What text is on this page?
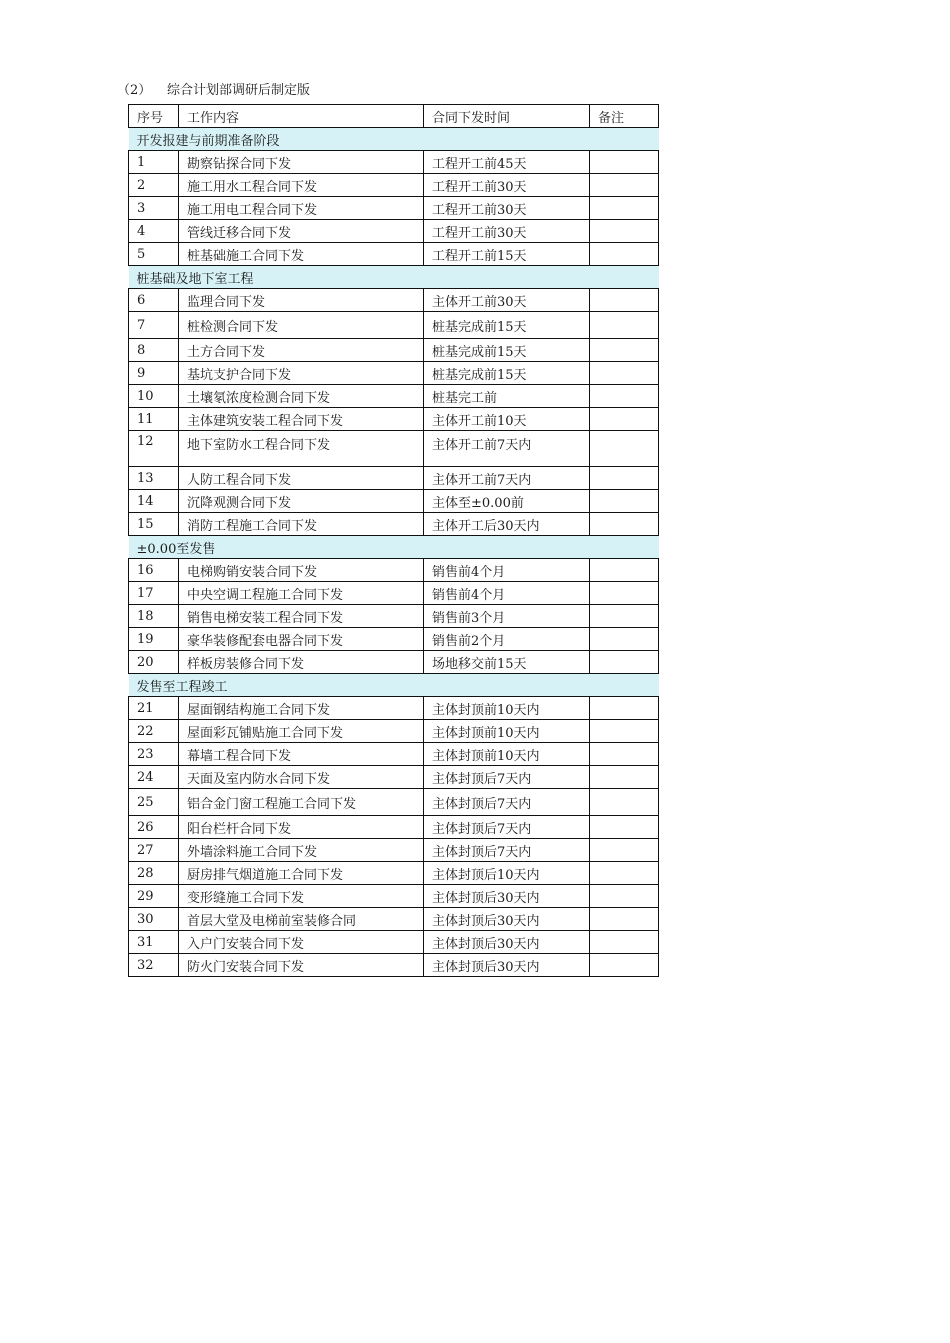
（2） 综合计划部调研后制定版
序号	工作内容	合同下发时间	备注
开发报建与前期准备阶段			
1	勘察钻探合同下发	工程开工前45天	
2	施工用水工程合同下发	工程开工前30天	
3	施工用电工程合同下发	工程开工前30天	
4	管线迁移合同下发	工程开工前30天	
5	桩基础施工合同下发	工程开工前15天	
桩基础及地下室工程			
6	监理合同下发	主体开工前30天	
7	桩检测合同下发	桩基完成前15天	
8	土方合同下发	桩基完成前15天	
9	基坑支护合同下发	桩基完成前15天	
10	土壤氡浓度检测合同下发	桩基完工前	
11	主体建筑安装工程合同下发	主体开工前10天	
12	地下室防水工程合同下发	主体开工前7天内	
13	人防工程合同下发	主体开工前7天内	
14	沉降观测合同下发	主体至±0.00前	
15	消防工程施工合同下发	主体开工后30天内	
±0.00至发售			
16	电梯购销安装合同下发	销售前4个月	
17	中央空调工程施工合同下发	销售前4个月	
18	销售电梯安装工程合同下发	销售前3个月	
19	豪华装修配套电器合同下发	销售前2个月	
20	样板房装修合同下发	场地移交前15天	
发售至工程竣工			
21	屋面钢结构施工合同下发	主体封顶前10天内	
22	屋面彩瓦铺贴施工合同下发	主体封顶前10天内	
23	幕墙工程合同下发	主体封顶前10天内	
24	天面及室内防水合同下发	主体封顶后7天内	
25	铝合金门窗工程施工合同下发	主体封顶后7天内	
26	阳台栏杆合同下发	主体封顶后7天内	
27	外墙涂料施工合同下发	主体封顶后7天内	
28	厨房排气烟道施工合同下发	主体封顶后10天内	
29	变形缝施工合同下发	主体封顶后30天内	
30	首层大堂及电梯前室装修合同	主体封顶后30天内	
31	入户门安装合同下发	主体封顶后30天内	
32	防火门安装合同下发	主体封顶后30天内	
